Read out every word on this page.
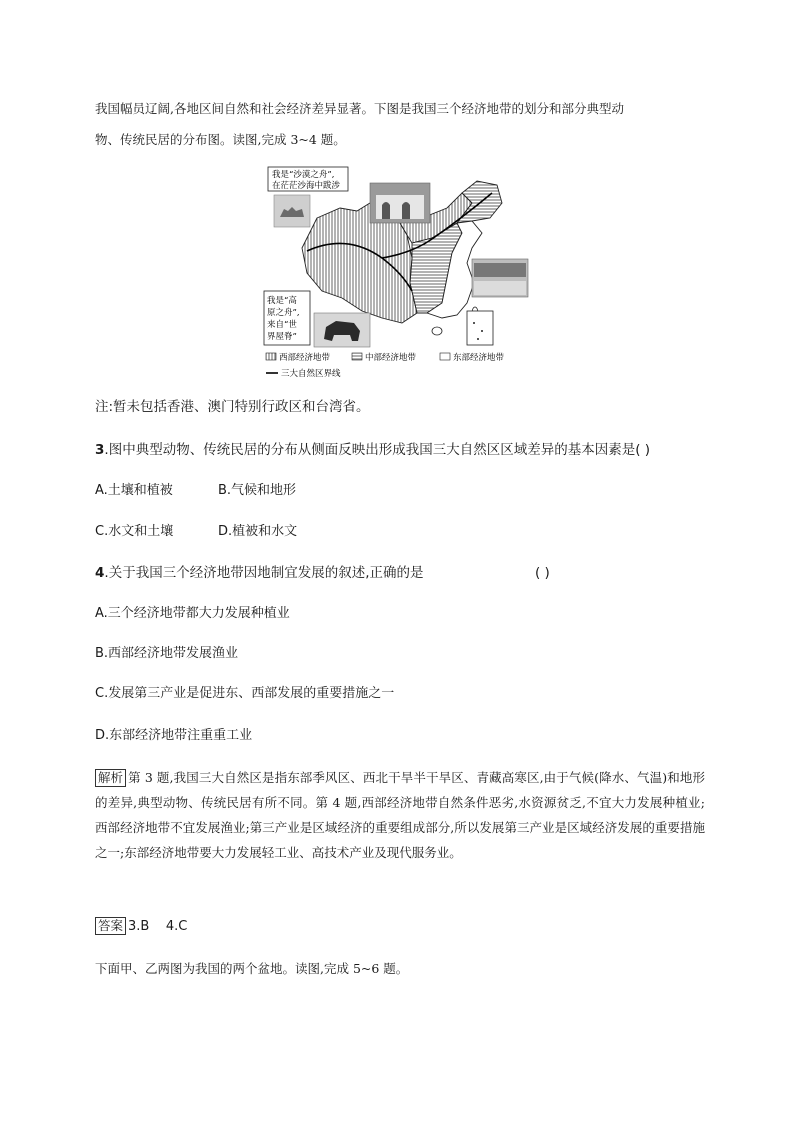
我国幅员辽阔,各地区间自然和社会经济差异显著。下图是我国三个经济地带的划分和部分典型动
物、传统民居的分布图。读图,完成 3~4 题。
我是“沙漠之舟”,
在茫茫沙海中跋涉
我是“高
原之舟”,
来自“世
界屋脊”
西部经济地带	中部经济地带	东部经济地带
三大自然区界线
注:暂未包括香港、澳门特别行政区和台湾省。
3.图中典型动物、传统民居的分布从侧面反映出形成我国三大自然区区域差异的基本因素是( )
A.土壤和植被	B.气候和地形
C.水文和土壤	D.植被和水文
4.关于我国三个经济地带因地制宜发展的叙述,正确的是	( )
A.三个经济地带都大力发展种植业
B.西部经济地带发展渔业
C.发展第三产业是促进东、西部发展的重要措施之一
D.东部经济地带注重重工业
解析 第 3 题,我国三大自然区是指东部季风区、西北干旱半干旱区、青藏高寒区,由于气候(降水、气温)和地形的差异,典型动物、传统民居有所不同。第 4 题,西部经济地带自然条件恶劣,水资源贫乏,不宜大力发展种植业;西部经济地带不宜发展渔业;第三产业是区域经济的重要组成部分,所以发展第三产业是区域经济发展的重要措施之一;东部经济地带要大力发展轻工业、高技术产业及现代服务业。
答案 3.B    4.C
下面甲、乙两图为我国的两个盆地。读图,完成 5~6 题。
